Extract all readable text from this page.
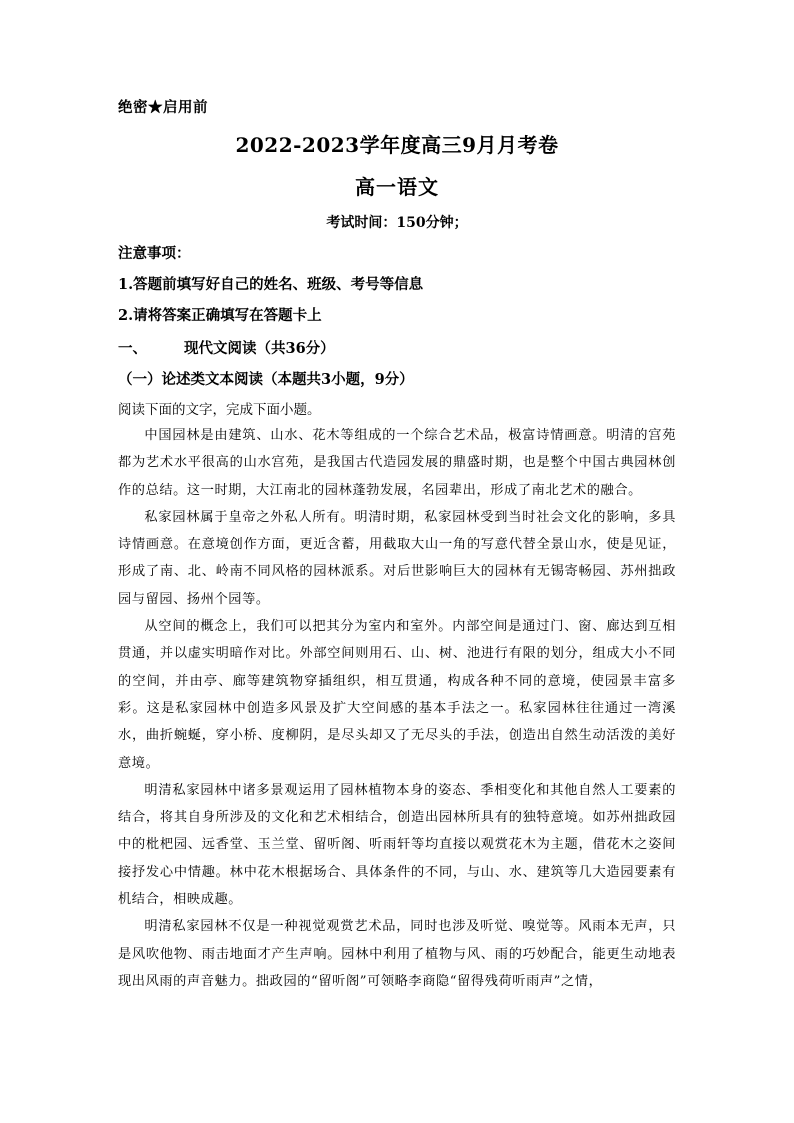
绝密★启用前
2022-2023学年度高三9月月考卷
高一语文
考试时间：150分钟；
注意事项：
1.答题前填写好自己的姓名、班级、考号等信息
2.请将答案正确填写在答题卡上
一、	现代文阅读（共36分）
（一）论述类文本阅读（本题共3小题，9分）
阅读下面的文字，完成下面小题。

中国园林是由建筑、山水、花木等组成的一个综合艺术品，极富诗情画意。明清的宫苑都为艺术水平很高的山水宫苑，是我国古代造园发展的鼎盛时期，也是整个中国古典园林创作的总结。这一时期，大江南北的园林蓬勃发展，名园辈出，形成了南北艺术的融合。

私家园林属于皇帝之外私人所有。明清时期，私家园林受到当时社会文化的影响，多具诗情画意。在意境创作方面，更近含蓄，用截取大山一角的写意代替全景山水，使是见证，形成了南、北、岭南不同风格的园林派系。对后世影响巨大的园林有无锡寄畅园、苏州拙政园与留园、扬州个园等。

从空间的概念上，我们可以把其分为室内和室外。内部空间是通过门、窗、廊达到互相贯通，并以虚实明暗作对比。外部空间则用石、山、树、池进行有限的划分，组成大小不同的空间，并由亭、廊等建筑物穿插组织，相互贯通，构成各种不同的意境，使园景丰富多彩。这是私家园林中创造多风景及扩大空间感的基本手法之一。私家园林往往通过一湾溪水，曲折蜿蜒，穿小桥、度柳阴，是尽头却又了无尽头的手法，创造出自然生动活泼的美好意境。

明清私家园林中诸多景观运用了园林植物本身的姿态、季相变化和其他自然人工要素的结合，将其自身所涉及的文化和艺术相结合，创造出园林所具有的独特意境。如苏州拙政园中的枇杷园、远香堂、玉兰堂、留听阁、听雨轩等均直接以观赏花木为主题，借花木之姿间接抒发心中情趣。林中花木根据场合、具体条件的不同，与山、水、建筑等几大造园要素有机结合，相映成趣。

明清私家园林不仅是一种视觉观赏艺术品，同时也涉及听觉、嗅觉等。风雨本无声，只是风吹他物、雨击地面才产生声响。园林中利用了植物与风、雨的巧妙配合，能更生动地表现出风雨的声音魅力。拙政园的“留听阁”可领略李商隐“留得残荷听雨声”之情，
